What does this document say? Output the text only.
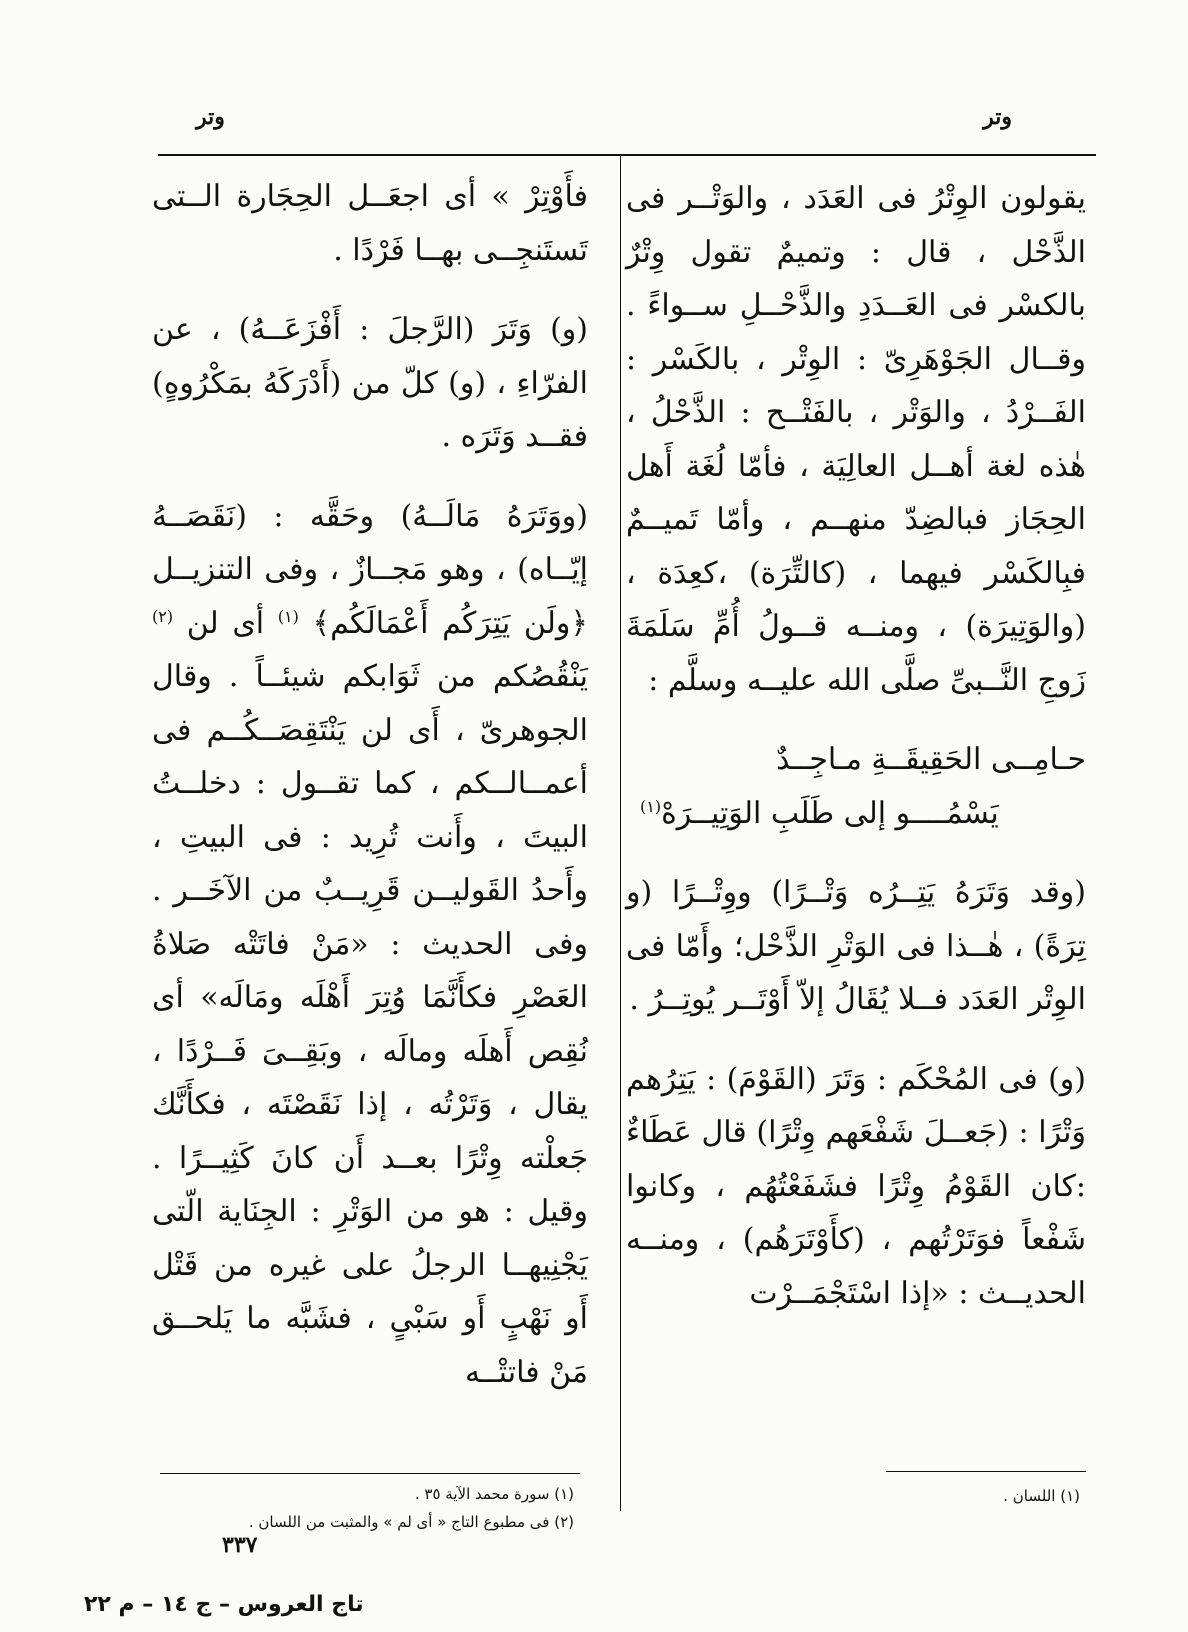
وتر
وتر

يقولون الوِتْرُ فى العَدَد ، والوَتْــر فى الذَّحْل ، قال : وتميمٌ تقول وِتْرٌ بالكسْر فى العَــدَدِ والذَّحْــلِ ســواءً . وقــال الجَوْهَرِىّ : الوِتْر ، بالكَسْر : الفَــرْدُ ، والوَتْر ، بالفَتْــح : الذَّحْلُ ، هٰذه لغة أهــل العالِيَة ، فأمّا لُغَة أَهل الحِجَاز فبالضِدّ منهــم ، وأمّا تَميــمٌ فبِالكَسْر فيهما ، (كالتِّرَة) ،كعِدَة ، (والوَتِيرَة) ، ومنــه قــولُ أُمِّ سَلَمَةَ زَوجِ النَّــبىِّ صلَّى الله عليــه وسلَّم :

حـامِــى الحَقِيقَــةِ مـاجِــدٌ

يَسْمُــــو إلى طَلَبِ الوَتِيــرَهْ$^{(١)}$

(وقد وَتَرَهُ يَتِــرُه وَتْــرًا) ووِتْــرًا (و تِرَةً) ، هٰــذا فى الوَتْرِ الذَّحْل؛ وأَمّا فى الوِتْر العَدَد فــلا يُقَالُ إلاّ أَوْتَــر يُوتِــرُ .

(و) فى المُحْكَم : وَتَرَ (القَوْمَ) : يَتِرُهم وَتْرًا : (جَعــلَ شَفْعَهم وِتْرًا) قال عَطَاءٌ :كان القَوْمُ وِتْرًا فشَفَعْتُهُم ، وكانوا شَفْعاً فوَتَرْتُهم ، (كأَوْتَرَهُم) ، ومنــه الحديــث : «إذا اسْتَجْمَــرْت

فأَوْتِرْ » أى اجعَــل الحِجَارة الــتى تَستَنجِــى بهــا فَرْدًا .

(و) وَتَرَ (الرَّجلَ : أَفْزَعَــهُ) ، عن الفرّاءِ ، (و) كلّ من (أَدْرَكَهُ بمَكْرُوهٍ) فقــد وَتَرَه .

(ووَتَرَهُ مَالَــهُ) وحَقَّه : (نَقَصَــهُ إيّــاه) ، وهو مَجــازٌ ، وفى التنزيــل ﴿ولَن يَتِرَكُم أَعْمَالَكُم﴾ $^{(١)}$ أى لن $^{(٢)}$ يَنْقُصُكم من ثَوَابكم شيئــاً . وقال الجوهرىّ ، أَى لن يَنْتَقِصَــكُــم فى أعمــالــكم ، كما تقــول : دخلــتُ البيتَ ، وأَنت تُرِيد : فى البيتِ ، وأَحدُ القَوليــن قَرِيــبٌ من الآخَــر . وفى الحديث : «مَنْ فاتَتْه صَلاةُ العَصْرِ فكأَنَّمَا وُتِرَ أَهْلَه ومَالَه» أى نُقِص أَهلَه ومالَه ، وبَقِــىَ فَــرْدًا ، يقال ، وَتَرْتُه ، إذا نَقَصْتَه ، فكأَنَّك جَعلْته وِتْرًا بعــد أَن كانَ كَثِيــرًا . وقيل : هو من الوَتْرِ : الجِنَاية الّتى يَجْنِيهــا الرجلُ على غيره من قَتْل أَو نَهْبٍ أَو سَبْىٍ ، فشَبَّه ما يَلحــق مَنْ فاتتْــه

(١) اللسان .
(١) سورة محمد الآية ٣٥ .
(٢) فى مطبوع التاج « أى لم » والمثبت من اللسان .
٣٣٧
تاج العروس – ج ١٤ – م ٢٢
